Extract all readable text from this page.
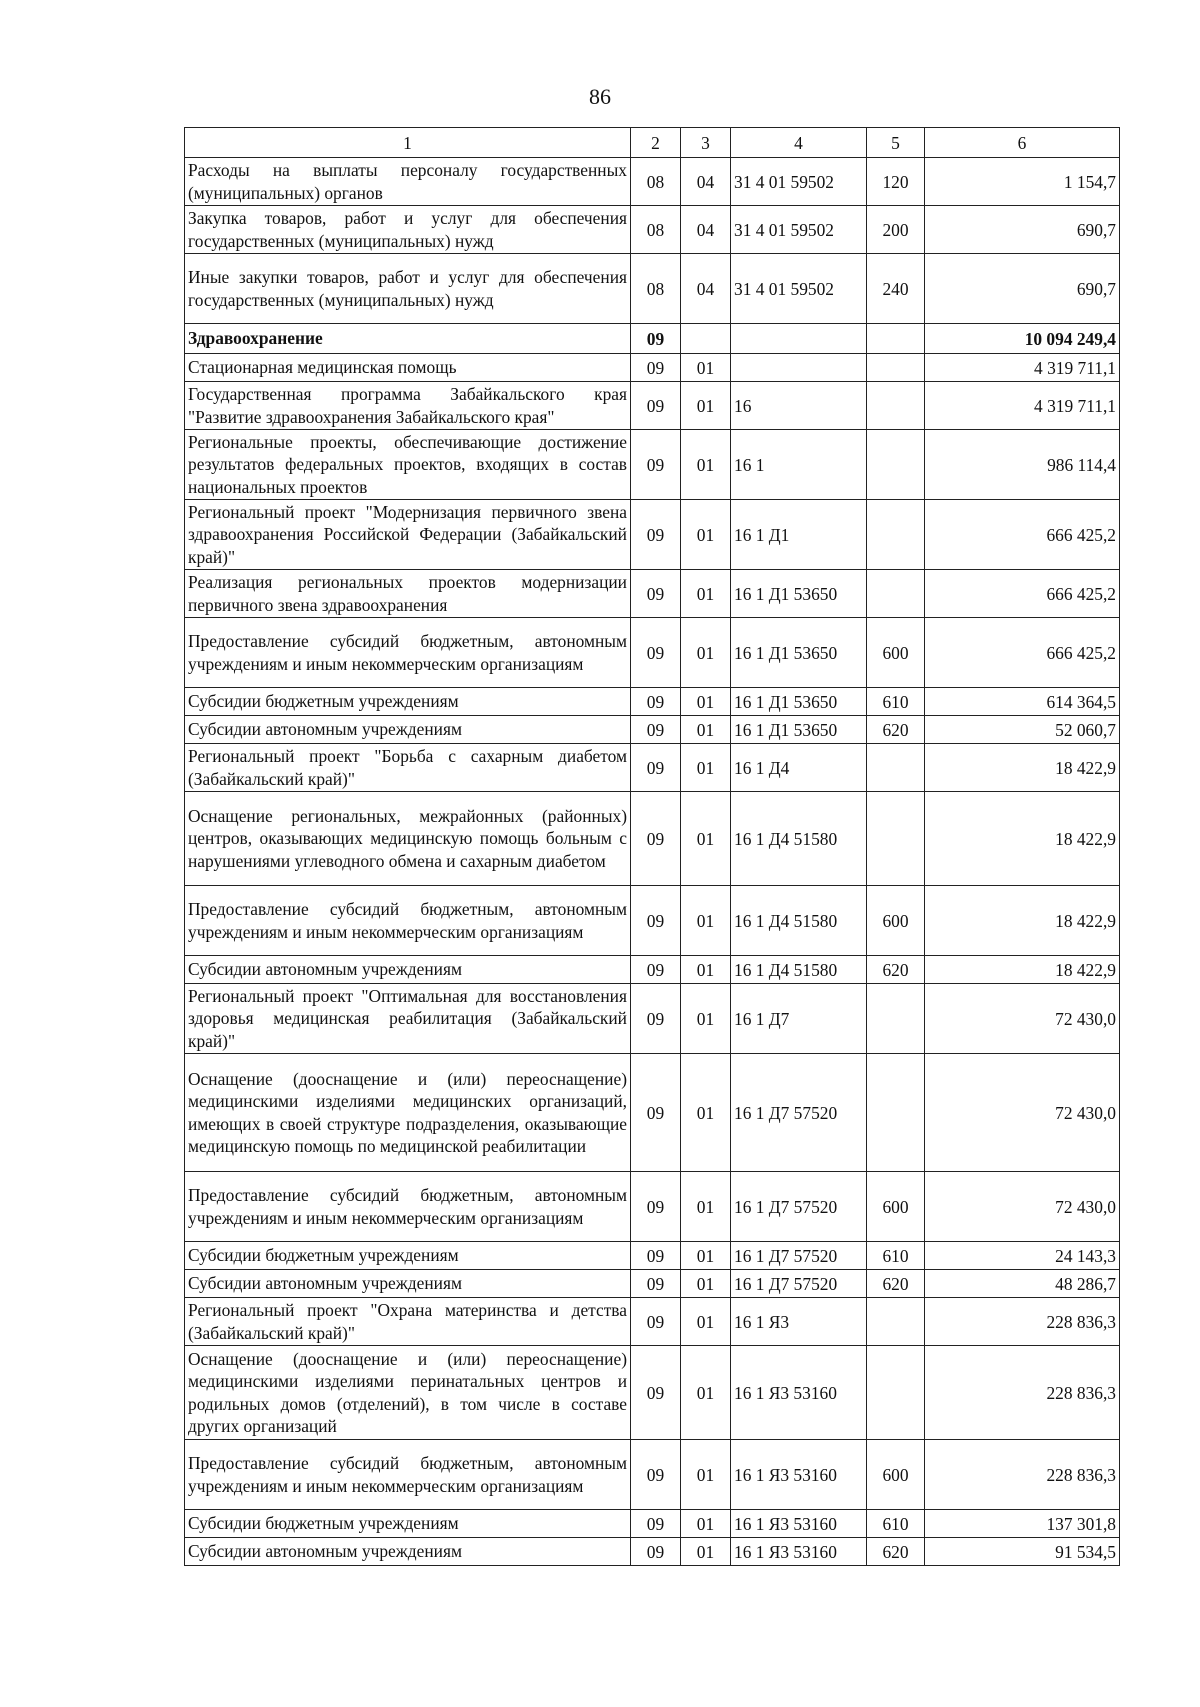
86
1	2	3	4	5	6
Расходы на выплаты персоналу государственных (муниципальных) органов	08	04	31 4 01 59502	120	1 154,7
Закупка товаров, работ и услуг для обеспечения государственных (муниципальных) нужд	08	04	31 4 01 59502	200	690,7
Иные закупки товаров, работ и услуг для обеспечения государственных (муниципальных) нужд	08	04	31 4 01 59502	240	690,7
Здравоохранение	09				10 094 249,4
Стационарная медицинская помощь	09	01			4 319 711,1
Государственная программа Забайкальского края "Развитие здравоохранения Забайкальского края"	09	01	16		4 319 711,1
Региональные проекты, обеспечивающие достижение результатов федеральных проектов, входящих в состав национальных проектов	09	01	16 1		986 114,4
Региональный проект "Модернизация первичного звена здравоохранения Российской Федерации (Забайкальский край)"	09	01	16 1 Д1		666 425,2
Реализация региональных проектов модернизации первичного звена здравоохранения	09	01	16 1 Д1 53650		666 425,2
Предоставление субсидий бюджетным, автономным учреждениям и иным некоммерческим организациям	09	01	16 1 Д1 53650	600	666 425,2
Субсидии бюджетным учреждениям	09	01	16 1 Д1 53650	610	614 364,5
Субсидии автономным учреждениям	09	01	16 1 Д1 53650	620	52 060,7
Региональный проект "Борьба с сахарным диабетом (Забайкальский край)"	09	01	16 1 Д4		18 422,9
Оснащение региональных, межрайонных (районных) центров, оказывающих медицинскую помощь больным с нарушениями углеводного обмена и сахарным диабетом	09	01	16 1 Д4 51580		18 422,9
Предоставление субсидий бюджетным, автономным учреждениям и иным некоммерческим организациям	09	01	16 1 Д4 51580	600	18 422,9
Субсидии автономным учреждениям	09	01	16 1 Д4 51580	620	18 422,9
Региональный проект "Оптимальная для восстановления здоровья медицинская реабилитация (Забайкальский край)"	09	01	16 1 Д7		72 430,0
Оснащение (дооснащение и (или) переоснащение) медицинскими изделиями медицинских организаций, имеющих в своей структуре подразделения, оказывающие медицинскую помощь по медицинской реабилитации	09	01	16 1 Д7 57520		72 430,0
Предоставление субсидий бюджетным, автономным учреждениям и иным некоммерческим организациям	09	01	16 1 Д7 57520	600	72 430,0
Субсидии бюджетным учреждениям	09	01	16 1 Д7 57520	610	24 143,3
Субсидии автономным учреждениям	09	01	16 1 Д7 57520	620	48 286,7
Региональный проект "Охрана материнства и детства (Забайкальский край)"	09	01	16 1 Я3		228 836,3
Оснащение (дооснащение и (или) переоснащение) медицинскими изделиями перинатальных центров и родильных домов (отделений), в том числе в составе других организаций	09	01	16 1 Я3 53160		228 836,3
Предоставление субсидий бюджетным, автономным учреждениям и иным некоммерческим организациям	09	01	16 1 Я3 53160	600	228 836,3
Субсидии бюджетным учреждениям	09	01	16 1 Я3 53160	610	137 301,8
Субсидии автономным учреждениям	09	01	16 1 Я3 53160	620	91 534,5
